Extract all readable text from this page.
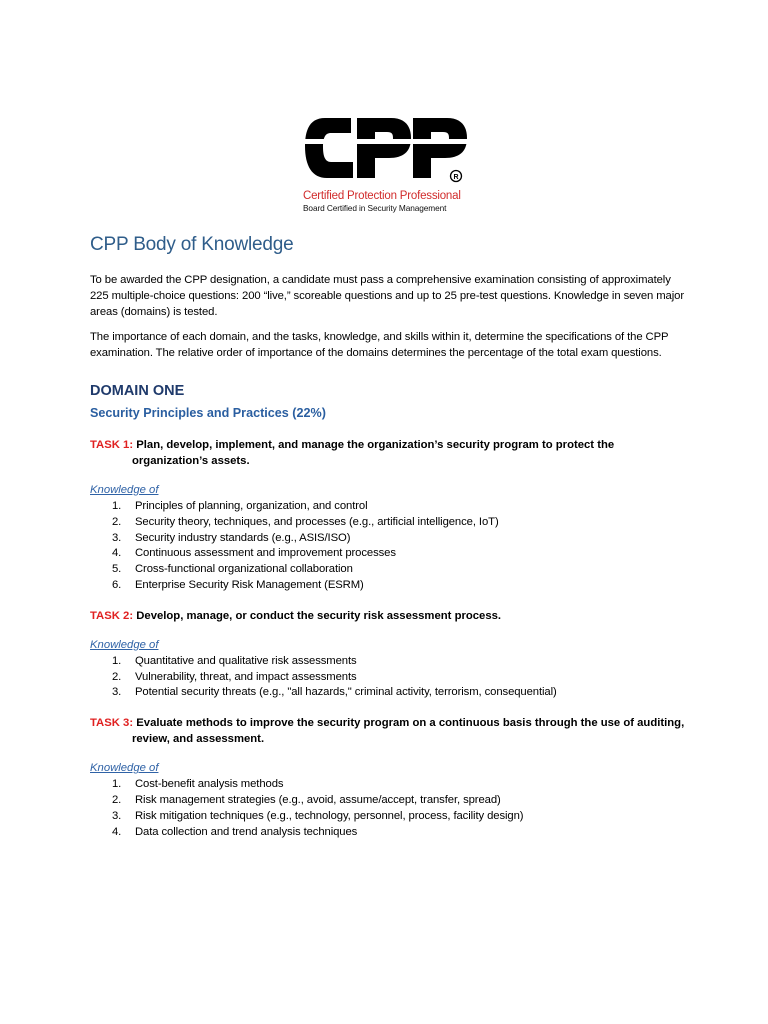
R
Certified Protection Professional
Board Certified in Security Management
CPP Body of Knowledge

To be awarded the CPP designation, a candidate must pass a comprehensive examination consisting of approximately 225 multiple-choice questions: 200 “live,” scoreable questions and up to 25 pre-test questions. Knowledge in seven major areas (domains) is tested.

The importance of each domain, and the tasks, knowledge, and skills within it, determine the specifications of the CPP examination. The relative order of importance of the domains determines the percentage of the total exam questions.

DOMAIN ONE
Security Principles and Practices (22%)
TASK 1: Plan, develop, implement, and manage the organization’s security program to protect the organization’s assets.
Knowledge of
1. Principles of planning, organization, and control
2. Security theory, techniques, and processes (e.g., artificial intelligence, IoT)
3. Security industry standards (e.g., ASIS/ISO)
4. Continuous assessment and improvement processes
5. Cross-functional organizational collaboration
6. Enterprise Security Risk Management (ESRM)
TASK 2: Develop, manage, or conduct the security risk assessment process.
Knowledge of
1. Quantitative and qualitative risk assessments
2. Vulnerability, threat, and impact assessments
3. Potential security threats (e.g., "all hazards," criminal activity, terrorism, consequential)
TASK 3: Evaluate methods to improve the security program on a continuous basis through the use of auditing, review, and assessment.
Knowledge of
1. Cost-benefit analysis methods
2. Risk management strategies (e.g., avoid, assume/accept, transfer, spread)
3. Risk mitigation techniques (e.g., technology, personnel, process, facility design)
4. Data collection and trend analysis techniques
